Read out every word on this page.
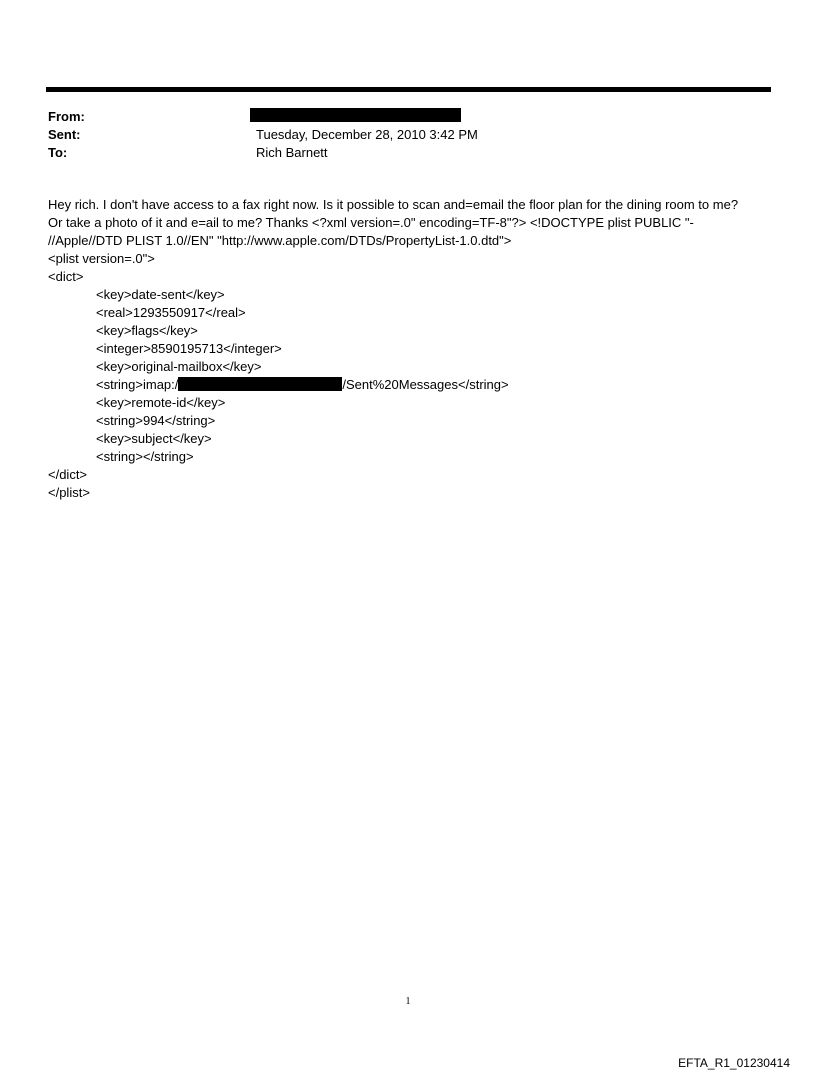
From:
Sent:	Tuesday, December 28, 2010 3:42 PM
To:	Rich Barnett
Hey rich. I don't have access to a fax right now. Is it possible to scan and=email the floor plan for the dining room to me?
Or take a photo of it and e=ail to me? Thanks <?xml version=.0" encoding=TF-8"?> <!DOCTYPE plist PUBLIC "-
//Apple//DTD PLIST 1.0//EN" "http://www.apple.com/DTDs/PropertyList-1.0.dtd">
<plist version=.0">
<dict>
<key>date-sent</key>
<real>1293550917</real>
<key>flags</key>
<integer>8590195713</integer>
<key>original-mailbox</key>
<string>imap:/	/Sent%20Messages</string>
<key>remote-id</key>
<string>994</string>
<key>subject</key>
<string></string>
</dict>
</plist>
1
EFTA_R1_01230414
